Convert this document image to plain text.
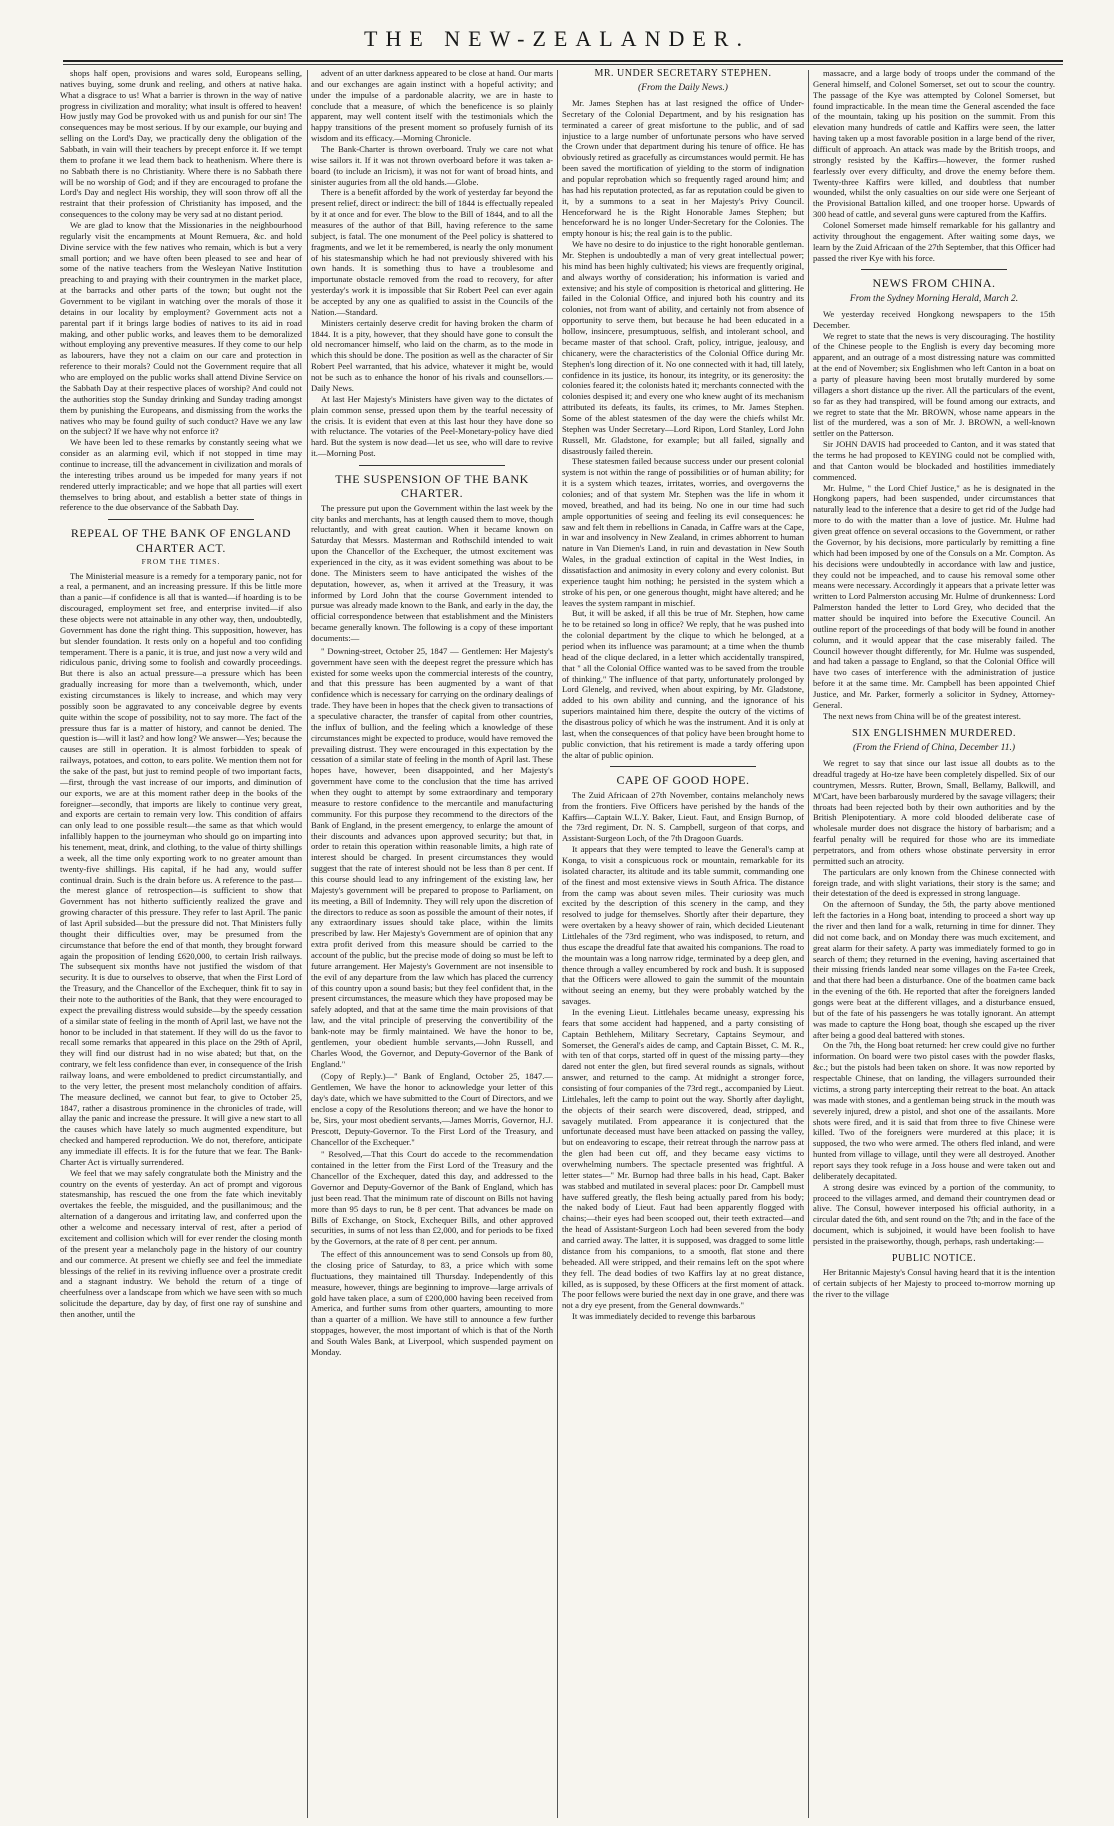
THE NEW-ZEALANDER.

shops half open, provisions and wares sold, Europeans selling, natives buying, some drunk and reeling, and others at native haka. What a disgrace to us! What a barrier is thrown in the way of native progress in civilization and morality; what insult is offered to heaven! How justly may God be provoked with us and punish for our sin! The consequences may be most serious. If by our example, our buying and selling on the Lord's Day, we practically deny the obligation of the Sabbath, in vain will their teachers by precept enforce it. If we tempt them to profane it we lead them back to heathenism. Where there is no Sabbath there is no Christianity. Where there is no Sabbath there will be no worship of God; and if they are encouraged to profane the Lord's Day and neglect His worship, they will soon throw off all the restraint that their profession of Christianity has imposed, and the consequences to the colony may be very sad at no distant period.

We are glad to know that the Missionaries in the neighbourhood regularly visit the encampments at Mount Remuera, &c. and hold Divine service with the few natives who remain, which is but a very small portion; and we have often been pleased to see and hear of some of the native teachers from the Wesleyan Native Institution preaching to and praying with their countrymen in the market place, at the barracks and other parts of the town; but ought not the Government to be vigilant in watching over the morals of those it detains in our locality by employment? Government acts not a parental part if it brings large bodies of natives to its aid in road making, and other public works, and leaves them to be demoralized without employing any preventive measures. If they come to our help as labourers, have they not a claim on our care and protection in reference to their morals? Could not the Government require that all who are employed on the public works shall attend Divine Service on the Sabbath Day at their respective places of worship? And could not the authorities stop the Sunday drinking and Sunday trading amongst them by punishing the Europeans, and dismissing from the works the natives who may be found guilty of such conduct? Have we any law on the subject? If we have why not enforce it?

We have been led to these remarks by constantly seeing what we consider as an alarming evil, which if not stopped in time may continue to increase, till the advancement in civilization and morals of the interesting tribes around us be impeded for many years if not rendered utterly impracticable; and we hope that all parties will exert themselves to bring about, and establish a better state of things in reference to the due observance of the Sabbath Day.

REPEAL OF THE BANK OF ENGLAND CHARTER ACT.
FROM THE TIMES.

The Ministerial measure is a remedy for a temporary panic, not for a real, a permanent, and an increasing pressure. If this be little more than a panic—if confidence is all that is wanted—if hoarding is to be discouraged, employment set free, and enterprise invited—if also these objects were not attainable in any other way, then, undoubtedly, Government has done the right thing. This supposition, however, has but slender foundation. It rests only on a hopeful and too confiding temperament. There is a panic, it is true, and just now a very wild and ridiculous panic, driving some to foolish and cowardly proceedings. But there is also an actual pressure—a pressure which has been gradually increasing for more than a twelvemonth, which, under existing circumstances is likely to increase, and which may very possibly soon be aggravated to any conceivable degree by events quite within the scope of possibility, not to say more. The fact of the pressure thus far is a matter of history, and cannot be denied. The question is—will it last? and how long? We answer—Yes; because the causes are still in operation. It is almost forbidden to speak of railways, potatoes, and cotton, to ears polite. We mention them not for the sake of the past, but just to remind people of two important facts,—first, through the vast increase of our imports, and diminution of our exports, we are at this moment rather deep in the books of the foreigner—secondly, that imports are likely to continue very great, and exports are certain to remain very low. This condition of affairs can only lead to one possible result—the same as that which would infallibly happen to the journeyman who should go on imparting into his tenement, meat, drink, and clothing, to the value of thirty shillings a week, all the time only exporting work to no greater amount than twenty-five shillings. His capital, if he had any, would suffer continual drain. Such is the drain before us. A reference to the past—the merest glance of retrospection—is sufficient to show that Government has not hitherto sufficiently realized the grave and growing character of this pressure. They refer to last April. The panic of last April subsided—but the pressure did not. That Ministers fully thought their difficulties over, may be presumed from the circumstance that before the end of that month, they brought forward again the proposition of lending £620,000, to certain Irish railways. The subsequent six months have not justified the wisdom of that security. It is due to ourselves to observe, that when the First Lord of the Treasury, and the Chancellor of the Exchequer, think fit to say in their note to the authorities of the Bank, that they were encouraged to expect the prevailing distress would subside—by the speedy cessation of a similar state of feeling in the month of April last, we have not the honor to be included in that statement. If they will do us the favor to recall some remarks that appeared in this place on the 29th of April, they will find our distrust had in no wise abated; but that, on the contrary, we felt less confidence than ever, in consequence of the Irish railway loans, and were emboldened to predict circumstantially, and to the very letter, the present most melancholy condition of affairs. The measure declined, we cannot but fear, to give to October 25, 1847, rather a disastrous prominence in the chronicles of trade, will allay the panic and increase the pressure. It will give a new start to all the causes which have lately so much augmented expenditure, but checked and hampered reproduction. We do not, therefore, anticipate any immediate ill effects. It is for the future that we fear. The Bank-Charter Act is virtually surrendered.

We feel that we may safely congratulate both the Ministry and the country on the events of yesterday. An act of prompt and vigorous statesmanship, has rescued the one from the fate which inevitably overtakes the feeble, the misguided, and the pusillanimous; and the alternation of a dangerous and irritating law, and conferred upon the other a welcome and necessary interval of rest, after a period of excitement and collision which will for ever render the closing month of the present year a melancholy page in the history of our country and our commerce. At present we chiefly see and feel the immediate blessings of the relief in its reviving influence over a prostrate credit and a stagnant industry. We behold the return of a tinge of cheerfulness over a landscape from which we have seen with so much solicitude the departure, day by day, of first one ray of sunshine and then another, until the

advent of an utter darkness appeared to be close at hand. Our marts and our exchanges are again instinct with a hopeful activity; and under the impulse of a pardonable alacrity, we are in haste to conclude that a measure, of which the beneficence is so plainly apparent, may well content itself with the testimonials which the happy transitions of the present moment so profusely furnish of its wisdom and its efficacy.—Morning Chronicle.

The Bank-Charter is thrown overboard. Truly we care not what wise sailors it. If it was not thrown overboard before it was taken a-board (to include an Iricism), it was not for want of broad hints, and sinister auguries from all the old hands.—Globe.

There is a benefit afforded by the work of yesterday far beyond the present relief, direct or indirect: the bill of 1844 is effectually repealed by it at once and for ever. The blow to the Bill of 1844, and to all the measures of the author of that Bill, having reference to the same subject, is fatal. The one monument of the Peel policy is shattered to fragments, and we let it be remembered, is nearly the only monument of his statesmanship which he had not previously shivered with his own hands. It is something thus to have a troublesome and importunate obstacle removed from the road to recovery, for after yesterday's work it is impossible that Sir Robert Peel can ever again be accepted by any one as qualified to assist in the Councils of the Nation.—Standard.

Ministers certainly deserve credit for having broken the charm of 1844. It is a pity, however, that they should have gone to consult the old necromancer himself, who laid on the charm, as to the mode in which this should be done. The position as well as the character of Sir Robert Peel warranted, that his advice, whatever it might be, would not be such as to enhance the honor of his rivals and counsellors.—Daily News.

At last Her Majesty's Ministers have given way to the dictates of plain common sense, pressed upon them by the tearful necessity of the crisis. It is evident that even at this last hour they have done so with reluctance. The votaries of the Peel-Monetary-policy have died hard. But the system is now dead—let us see, who will dare to revive it.—Morning Post.

THE SUSPENSION OF THE BANK CHARTER.

The pressure put upon the Government within the last week by the city banks and merchants, has at length caused them to move, though reluctantly, and with great caution. When it became known on Saturday that Messrs. Masterman and Rothschild intended to wait upon the Chancellor of the Exchequer, the utmost excitement was experienced in the city, as it was evident something was about to be done. The Ministers seem to have anticipated the wishes of the deputation, however, as, when it arrived at the Treasury, it was informed by Lord John that the course Government intended to pursue was already made known to the Bank, and early in the day, the official correspondence between that establishment and the Ministers became generally known. The following is a copy of these important documents:—

" Downing-street, October 25, 1847 — Gentlemen: Her Majesty's government have seen with the deepest regret the pressure which has existed for some weeks upon the commercial interests of the country, and that this pressure has been augmented by a want of that confidence which is necessary for carrying on the ordinary dealings of trade. They have been in hopes that the check given to transactions of a speculative character, the transfer of capital from other countries, the influx of bullion, and the feeling which a knowledge of these circumstances might be expected to produce, would have removed the prevailing distrust. They were encouraged in this expectation by the cessation of a similar state of feeling in the month of April last. These hopes have, however, been disappointed, and her Majesty's government have come to the conclusion that the time has arrived when they ought to attempt by some extraordinary and temporary measure to restore confidence to the mercantile and manufacturing community. For this purpose they recommend to the directors of the Bank of England, in the present emergency, to enlarge the amount of their discounts and advances upon approved security; but that, in order to retain this operation within reasonable limits, a high rate of interest should be charged. In present circumstances they would suggest that the rate of interest should not be less than 8 per cent. If this course should lead to any infringement of the existing law, her Majesty's government will be prepared to propose to Parliament, on its meeting, a Bill of Indemnity. They will rely upon the discretion of the directors to reduce as soon as possible the amount of their notes, if any extraordinary issues should take place, within the limits prescribed by law. Her Majesty's Government are of opinion that any extra profit derived from this measure should be carried to the account of the public, but the precise mode of doing so must be left to future arrangement. Her Majesty's Government are not insensible to the evil of any departure from the law which has placed the currency of this country upon a sound basis; but they feel confident that, in the present circumstances, the measure which they have proposed may be safely adopted, and that at the same time the main provisions of that law, and the vital principle of preserving the convertibility of the bank-note may be firmly maintained. We have the honor to be, gentlemen, your obedient humble servants,—John Russell, and Charles Wood, the Governor, and Deputy-Governor of the Bank of England."

(Copy of Reply.)—" Bank of England, October 25, 1847.—Gentlemen, We have the honor to acknowledge your letter of this day's date, which we have submitted to the Court of Directors, and we enclose a copy of the Resolutions thereon; and we have the honor to be, Sirs, your most obedient servants,—James Morris, Governor, H.J. Prescott, Deputy-Governor. To the First Lord of the Treasury, and Chancellor of the Exchequer."

" Resolved,—That this Court do accede to the recommendation contained in the letter from the First Lord of the Treasury and the Chancellor of the Exchequer, dated this day, and addressed to the Governor and Deputy-Governor of the Bank of England, which has just been read. That the minimum rate of discount on Bills not having more than 95 days to run, be 8 per cent. That advances be made on Bills of Exchange, on Stock, Exchequer Bills, and other approved securities, in sums of not less than £2,000, and for periods to be fixed by the Governors, at the rate of 8 per cent. per annum.

The effect of this announcement was to send Consols up from 80, the closing price of Saturday, to 83, a price which with some fluctuations, they maintained till Thursday. Independently of this measure, however, things are beginning to improve—large arrivals of gold have taken place, a sum of £200,000 having been received from America, and further sums from other quarters, amounting to more than a quarter of a million. We have still to announce a few further stoppages, however, the most important of which is that of the North and South Wales Bank, at Liverpool, which suspended payment on Monday.

MR. UNDER SECRETARY STEPHEN.
(From the Daily News.)

Mr. James Stephen has at last resigned the office of Under-Secretary of the Colonial Department, and by his resignation has terminated a career of great misfortune to the public, and of sad injustice to a large number of unfortunate persons who have served the Crown under that department during his tenure of office. He has obviously retired as gracefully as circumstances would permit. He has been saved the mortification of yielding to the storm of indignation and popular reprobation which so frequently raged around him; and has had his reputation protected, as far as reputation could be given to it, by a summons to a seat in her Majesty's Privy Council. Henceforward he is the Right Honorable James Stephen; but henceforward he is no longer Under-Secretary for the Colonies. The empty honour is his; the real gain is to the public.

We have no desire to do injustice to the right honorable gentleman. Mr. Stephen is undoubtedly a man of very great intellectual power; his mind has been highly cultivated; his views are frequently original, and always worthy of consideration; his information is varied and extensive; and his style of composition is rhetorical and glittering. He failed in the Colonial Office, and injured both his country and its colonies, not from want of ability, and certainly not from absence of opportunity to serve them, but because he had been educated in a hollow, insincere, presumptuous, selfish, and intolerant school, and became master of that school. Craft, policy, intrigue, jealousy, and chicanery, were the characteristics of the Colonial Office during Mr. Stephen's long direction of it. No one connected with it had, till lately, confidence in its justice, its honour, its integrity, or its generosity: the colonies feared it; the colonists hated it; merchants connected with the colonies despised it; and every one who knew aught of its mechanism attributed its defeats, its faults, its crimes, to Mr. James Stephen. Some of the ablest statesmen of the day were the chiefs whilst Mr. Stephen was Under Secretary—Lord Ripon, Lord Stanley, Lord John Russell, Mr. Gladstone, for example; but all failed, signally and disastrously failed therein.

These statesmen failed because success under our present colonial system is not within the range of possibilities or of human ability; for it is a system which teazes, irritates, worries, and overgoverns the colonies; and of that system Mr. Stephen was the life in whom it moved, breathed, and had its being. No one in our time had such ample opportunities of seeing and feeling its evil consequences: he saw and felt them in rebellions in Canada, in Caffre wars at the Cape, in war and insolvency in New Zealand, in crimes abhorrent to human nature in Van Diemen's Land, in ruin and devastation in New South Wales, in the gradual extinction of capital in the West Indies, in dissatisfaction and animosity in every colony and every colonist. But experience taught him nothing; he persisted in the system which a stroke of his pen, or one generous thought, might have altered; and he leaves the system rampant in mischief.

But, it will be asked, if all this be true of Mr. Stephen, how came he to be retained so long in office? We reply, that he was pushed into the colonial department by the clique to which he belonged, at a period when its influence was paramount; at a time when the thumb head of the clique declared, in a letter which accidentally transpired, that " all the Colonial Office wanted was to be saved from the trouble of thinking." The influence of that party, unfortunately prolonged by Lord Glenelg, and revived, when about expiring, by Mr. Gladstone, added to his own ability and cunning, and the ignorance of his superiors maintained him there, despite the outcry of the victims of the disastrous policy of which he was the instrument. And it is only at last, when the consequences of that policy have been brought home to public conviction, that his retirement is made a tardy offering upon the altar of public opinion.

CAPE OF GOOD HOPE.

The Zuid Africaan of 27th November, contains melancholy news from the frontiers. Five Officers have perished by the hands of the Kaffirs—Captain W.L.Y. Baker, Lieut. Faut, and Ensign Burnop, of the 73rd regiment, Dr. N. S. Campbell, surgeon of that corps, and Assistant-Surgeon Loch, of the 7th Dragoon Guards.

It appears that they were tempted to leave the General's camp at Konga, to visit a conspicuous rock or mountain, remarkable for its isolated character, its altitude and its table summit, commanding one of the finest and most extensive views in South Africa. The distance from the camp was about seven miles. Their curiosity was much excited by the description of this scenery in the camp, and they resolved to judge for themselves. Shortly after their departure, they were overtaken by a heavy shower of rain, which decided Lieutenant Littlehales of the 73rd regiment, who was indisposed, to return, and thus escape the dreadful fate that awaited his companions. The road to the mountain was a long narrow ridge, terminated by a deep glen, and thence through a valley encumbered by rock and bush. It is supposed that the Officers were allowed to gain the summit of the mountain without seeing an enemy, but they were probably watched by the savages.

In the evening Lieut. Littlehales became uneasy, expressing his fears that some accident had happened, and a party consisting of Captain Bethlehem, Military Secretary, Captains Seymour, and Somerset, the General's aides de camp, and Captain Bisset, C. M. R., with ten of that corps, started off in quest of the missing party—they dared not enter the glen, but fired several rounds as signals, without answer, and returned to the camp. At midnight a stronger force, consisting of four companies of the 73rd regt., accompanied by Lieut. Littlehales, left the camp to point out the way. Shortly after daylight, the objects of their search were discovered, dead, stripped, and savagely mutilated. From appearance it is conjectured that the unfortunate deceased must have been attacked on passing the valley, but on endeavoring to escape, their retreat through the narrow pass at the glen had been cut off, and they became easy victims to overwhelming numbers. The spectacle presented was frightful. A letter states—" Mr. Burnop had three balls in his head, Capt. Baker was stabbed and mutilated in several places: poor Dr. Campbell must have suffered greatly, the flesh being actually pared from his body; the naked body of Lieut. Faut had been apparently flogged with chains;—their eyes had been scooped out, their teeth extracted—and the head of Assistant-Surgeon Loch had been severed from the body and carried away. The latter, it is supposed, was dragged to some little distance from his companions, to a smooth, flat stone and there beheaded. All were stripped, and their remains left on the spot where they fell. The dead bodies of two Kaffirs lay at no great distance, killed, as is supposed, by these Officers at the first moment of attack. The poor fellows were buried the next day in one grave, and there was not a dry eye present, from the General downwards."

It was immediately decided to revenge this barbarous

massacre, and a large body of troops under the command of the General himself, and Colonel Somerset, set out to scour the country. The passage of the Kye was attempted by Colonel Somerset, but found impracticable. In the mean time the General ascended the face of the mountain, taking up his position on the summit. From this elevation many hundreds of cattle and Kaffirs were seen, the latter having taken up a most favorable position in a large bend of the river, difficult of approach. An attack was made by the British troops, and strongly resisted by the Kaffirs—however, the former rushed fearlessly over every difficulty, and drove the enemy before them. Twenty-three Kaffirs were killed, and doubtless that number wounded, whilst the only casualties on our side were one Serjeant of the Provisional Battalion killed, and one trooper horse. Upwards of 300 head of cattle, and several guns were captured from the Kaffirs.

Colonel Somerset made himself remarkable for his gallantry and activity throughout the engagement. After waiting some days, we learn by the Zuid Africaan of the 27th September, that this Officer had passed the river Kye with his force.

NEWS FROM CHINA.
From the Sydney Morning Herald, March 2.

We yesterday received Hongkong newspapers to the 15th December.

We regret to state that the news is very discouraging. The hostility of the Chinese people to the English is every day becoming more apparent, and an outrage of a most distressing nature was committed at the end of November; six Englishmen who left Canton in a boat on a party of pleasure having been most brutally murdered by some villagers a short distance up the river. All the particulars of the event, so far as they had transpired, will be found among our extracts, and we regret to state that the Mr. BROWN, whose name appears in the list of the murdered, was a son of Mr. J. BROWN, a well-known settler on the Patterson.

Sir JOHN DAVIS had proceeded to Canton, and it was stated that the terms he had proposed to KEYING could not be complied with, and that Canton would be blockaded and hostilities immediately commenced.

Mr. Hulme, " the Lord Chief Justice," as he is designated in the Hongkong papers, had been suspended, under circumstances that naturally lead to the inference that a desire to get rid of the Judge had more to do with the matter than a love of justice. Mr. Hulme had given great offence on several occasions to the Government, or rather the Governor, by his decisions, more particularly by remitting a fine which had been imposed by one of the Consuls on a Mr. Compton. As his decisions were undoubtedly in accordance with law and justice, they could not be impeached, and to cause his removal some other means were necessary. Accordingly it appears that a private letter was written to Lord Palmerston accusing Mr. Hulme of drunkenness: Lord Palmerston handed the letter to Lord Grey, who decided that the matter should be inquired into before the Executive Council. An outline report of the proceedings of that body will be found in another column, and it would appear that the case miserably failed. The Council however thought differently, for Mr. Hulme was suspended, and had taken a passage to England, so that the Colonial Office will have two cases of interference with the administration of justice before it at the same time. Mr. Campbell has been appointed Chief Justice, and Mr. Parker, formerly a solicitor in Sydney, Attorney-General.

The next news from China will be of the greatest interest.

SIX ENGLISHMEN MURDERED.
(From the Friend of China, December 11.)

We regret to say that since our last issue all doubts as to the dreadful tragedy at Ho-tze have been completely dispelled. Six of our countrymen, Messrs. Rutter, Brown, Small, Bellamy, Balkwill, and M'Cart, have been barbarously murdered by the savage villagers; their throats had been rejected both by their own authorities and by the British Plenipotentiary. A more cold blooded deliberate case of wholesale murder does not disgrace the history of barbarism; and a fearful penalty will be required for those who are its immediate perpetrators, and from others whose obstinate perversity in error permitted such an atrocity.

The particulars are only known from the Chinese connected with foreign trade, and with slight variations, their story is the same; and their detestation of the deed is expressed in strong language.

On the afternoon of Sunday, the 5th, the party above mentioned left the factories in a Hong boat, intending to proceed a short way up the river and then land for a walk, returning in time for dinner. They did not come back, and on Monday there was much excitement, and great alarm for their safety. A party was immediately formed to go in search of them; they returned in the evening, having ascertained that their missing friends landed near some villages on the Fa-tee Creek, and that there had been a disturbance. One of the boatmen came back in the evening of the 6th. He reported that after the foreigners landed gongs were beat at the different villages, and a disturbance ensued, but of the fate of his passengers he was totally ignorant. An attempt was made to capture the Hong boat, though she escaped up the river after being a good deal battered with stones.

On the 7th, the Hong boat returned: her crew could give no further information. On board were two pistol cases with the powder flasks, &c.; but the pistols had been taken on shore. It was now reported by respectable Chinese, that on landing, the villagers surrounded their victims, a strong party intercepting their retreat to the boat. An attack was made with stones, and a gentleman being struck in the mouth was severely injured, drew a pistol, and shot one of the assailants. More shots were fired, and it is said that from three to five Chinese were killed. Two of the foreigners were murdered at this place; it is supposed, the two who were armed. The others fled inland, and were hunted from village to village, until they were all destroyed. Another report says they took refuge in a Joss house and were taken out and deliberately decapitated.

A strong desire was evinced by a portion of the community, to proceed to the villages armed, and demand their countrymen dead or alive. The Consul, however interposed his official authority, in a circular dated the 6th, and sent round on the 7th; and in the face of the document, which is subjoined, it would have been foolish to have persisted in the praiseworthy, though, perhaps, rash undertaking:—

PUBLIC NOTICE.

Her Britannic Majesty's Consul having heard that it is the intention of certain subjects of her Majesty to proceed to-morrow morning up the river to the village
